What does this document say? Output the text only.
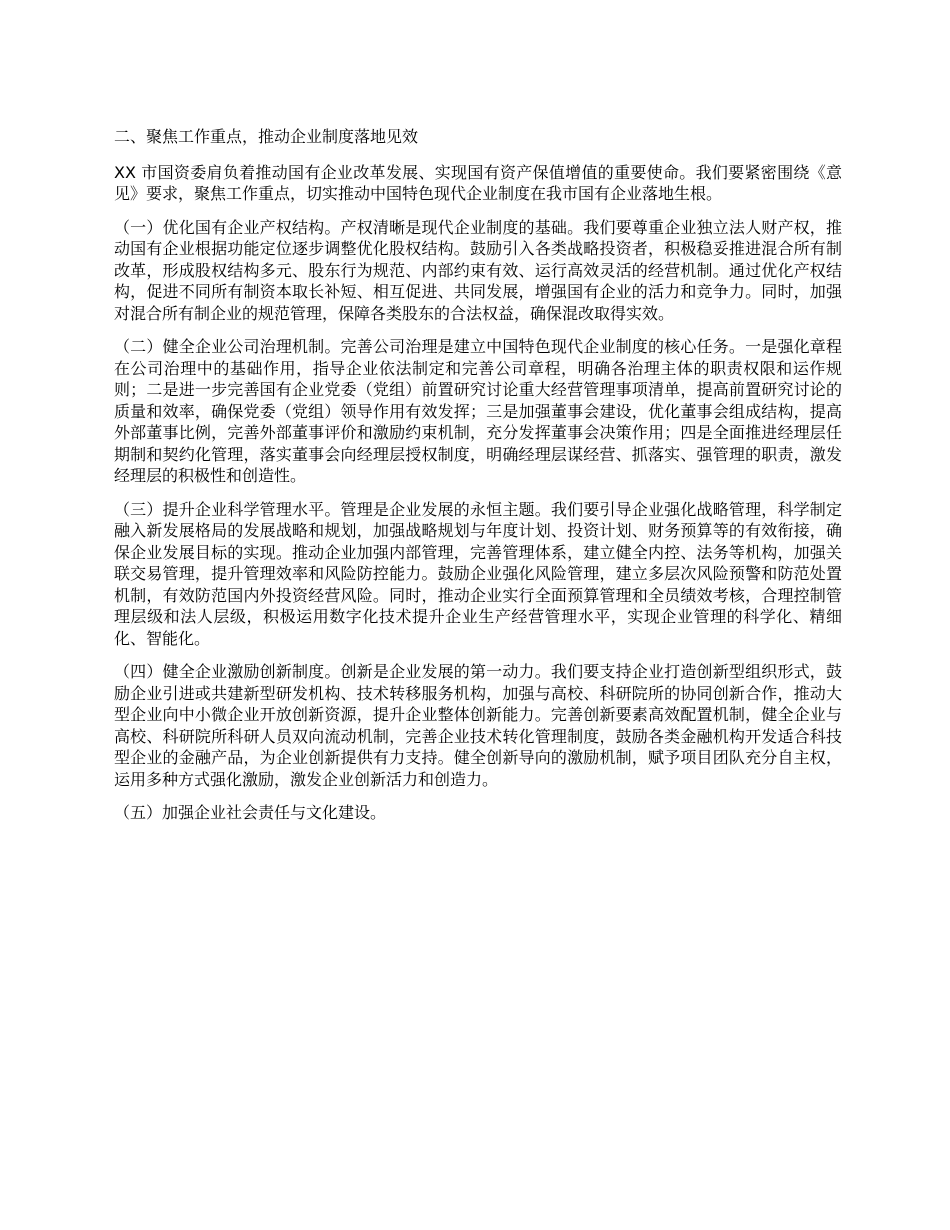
二、聚焦工作重点，推动企业制度落地见效

XX 市国资委肩负着推动国有企业改革发展、实现国有资产保值增值的重要使命。我们要紧密围绕《意见》要求，聚焦工作重点，切实推动中国特色现代企业制度在我市国有企业落地生根。

（一）优化国有企业产权结构。产权清晰是现代企业制度的基础。我们要尊重企业独立法人财产权，推动国有企业根据功能定位逐步调整优化股权结构。鼓励引入各类战略投资者，积极稳妥推进混合所有制改革，形成股权结构多元、股东行为规范、内部约束有效、运行高效灵活的经营机制。通过优化产权结构，促进不同所有制资本取长补短、相互促进、共同发展，增强国有企业的活力和竞争力。同时，加强对混合所有制企业的规范管理，保障各类股东的合法权益，确保混改取得实效。

（二）健全企业公司治理机制。完善公司治理是建立中国特色现代企业制度的核心任务。一是强化章程在公司治理中的基础作用，指导企业依法制定和完善公司章程，明确各治理主体的职责权限和运作规则；二是进一步完善国有企业党委（党组）前置研究讨论重大经营管理事项清单，提高前置研究讨论的质量和效率，确保党委（党组）领导作用有效发挥；三是加强董事会建设，优化董事会组成结构，提高外部董事比例，完善外部董事评价和激励约束机制，充分发挥董事会决策作用；四是全面推进经理层任期制和契约化管理，落实董事会向经理层授权制度，明确经理层谋经营、抓落实、强管理的职责，激发经理层的积极性和创造性。

（三）提升企业科学管理水平。管理是企业发展的永恒主题。我们要引导企业强化战略管理，科学制定融入新发展格局的发展战略和规划，加强战略规划与年度计划、投资计划、财务预算等的有效衔接，确保企业发展目标的实现。推动企业加强内部管理，完善管理体系，建立健全内控、法务等机构，加强关联交易管理，提升管理效率和风险防控能力。鼓励企业强化风险管理，建立多层次风险预警和防范处置机制，有效防范国内外投资经营风险。同时，推动企业实行全面预算管理和全员绩效考核，合理控制管理层级和法人层级，积极运用数字化技术提升企业生产经营管理水平，实现企业管理的科学化、精细化、智能化。

（四）健全企业激励创新制度。创新是企业发展的第一动力。我们要支持企业打造创新型组织形式，鼓励企业引进或共建新型研发机构、技术转移服务机构，加强与高校、科研院所的协同创新合作，推动大型企业向中小微企业开放创新资源，提升企业整体创新能力。完善创新要素高效配置机制，健全企业与高校、科研院所科研人员双向流动机制，完善企业技术转化管理制度，鼓励各类金融机构开发适合科技型企业的金融产品，为企业创新提供有力支持。健全创新导向的激励机制，赋予项目团队充分自主权，运用多种方式强化激励，激发企业创新活力和创造力。

（五）加强企业社会责任与文化建设。
